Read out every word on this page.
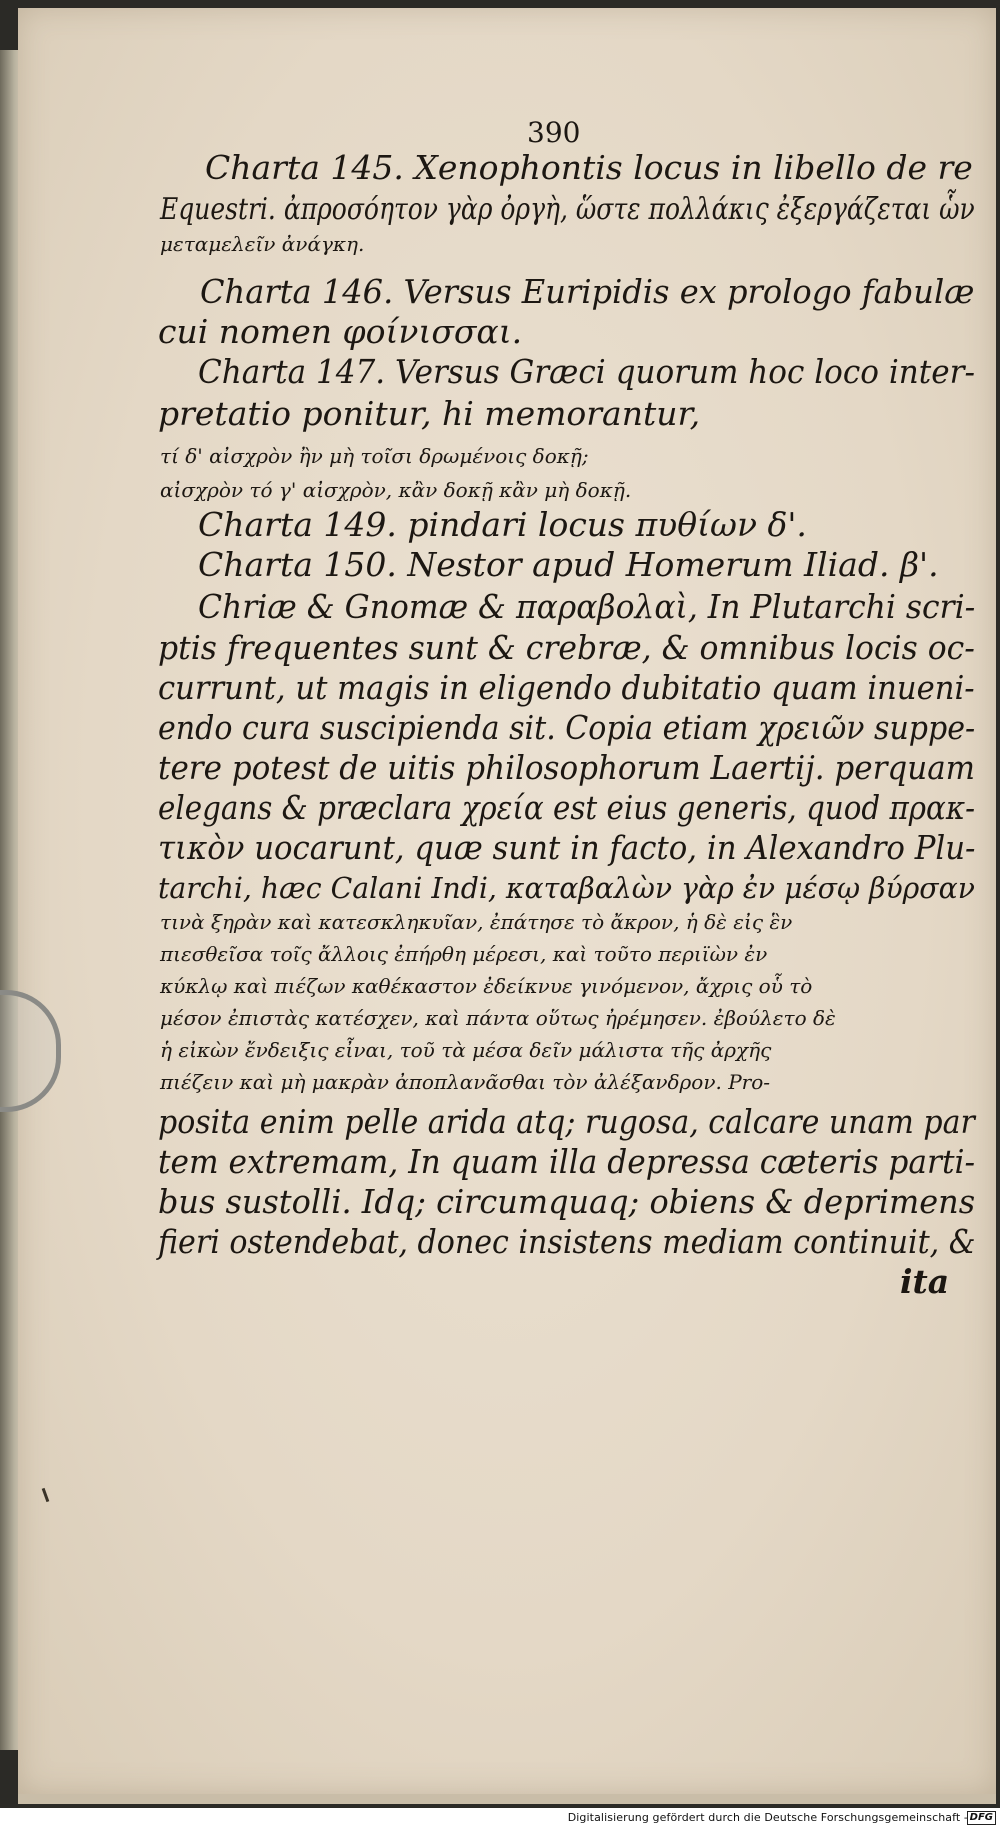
390
Charta 145. Xenophontis locus in libello de re
Equestri. ἀπροσόητον γὰρ ὀργὴ, ὥστε πολλάκις ἐξεργάζεται ὧν
μεταμελεῖν ἀνάγκη.
Charta 146. Versus Euripidis ex prologo fabulæ
cui nomen φοίνισσαι.
Charta 147. Versus Græci quorum hoc loco inter-
pretatio ponitur, hi memorantur,
τί δ' αἰσχρὸν ἢν μὴ τοῖσι δρωμένοις δοκῇ;
αἰσχρὸν τό γ' αἰσχρὸν, κἂν δοκῇ κἂν μὴ δοκῇ.
Charta 149. pindari locus πυθίων δ'.
Charta 150. Nestor apud Homerum Iliad. β'.
Chriæ & Gnomæ & παραβολαὶ, In Plutarchi scri-
ptis frequentes sunt & crebræ, & omnibus locis oc-
currunt, ut magis in eligendo dubitatio quam inueni-
endo cura suscipienda sit. Copia etiam χρειῶν suppe-
tere potest de uitis philosophorum Laertij. perquam
elegans & præclara χρεία est eius generis, quod πρακ-
τικὸν uocarunt, quæ sunt in facto, in Alexandro Plu-
tarchi, hæc Calani Indi, καταβαλὼν γὰρ ἐν μέσῳ βύρσαν
τινὰ ξηρὰν καὶ κατεσκληκυῖαν, ἐπάτησε τὸ ἄκρον, ἡ δὲ εἰς ἓν
πιεσθεῖσα τοῖς ἄλλοις ἐπήρθη μέρεσι, καὶ τοῦτο περιϊὼν ἐν
κύκλῳ καὶ πιέζων καθέκαστον ἐδείκνυε γινόμενον, ἄχρις οὗ τὸ
μέσον ἐπιστὰς κατέσχεν, καὶ πάντα οὕτως ἠρέμησεν. ἐβούλετο δὲ
ἡ εἰκὼν ἔνδειξις εἶναι, τοῦ τὰ μέσα δεῖν μάλιστα τῆς ἀρχῆς
πιέζειν καὶ μὴ μακρὰν ἀποπλανᾶσθαι τὸν ἀλέξανδρον. Pro-
posita enim pelle arida atq; rugosa, calcare unam par
tem extremam, In quam illa depressa cæteris parti-
bus sustolli. Idq; circumquaq; obiens & deprimens
fieri ostendebat, donec insistens mediam continuit, &
ita
Digitalisierung gefördert durch die Deutsche Forschungsgemeinschaft - DFG
